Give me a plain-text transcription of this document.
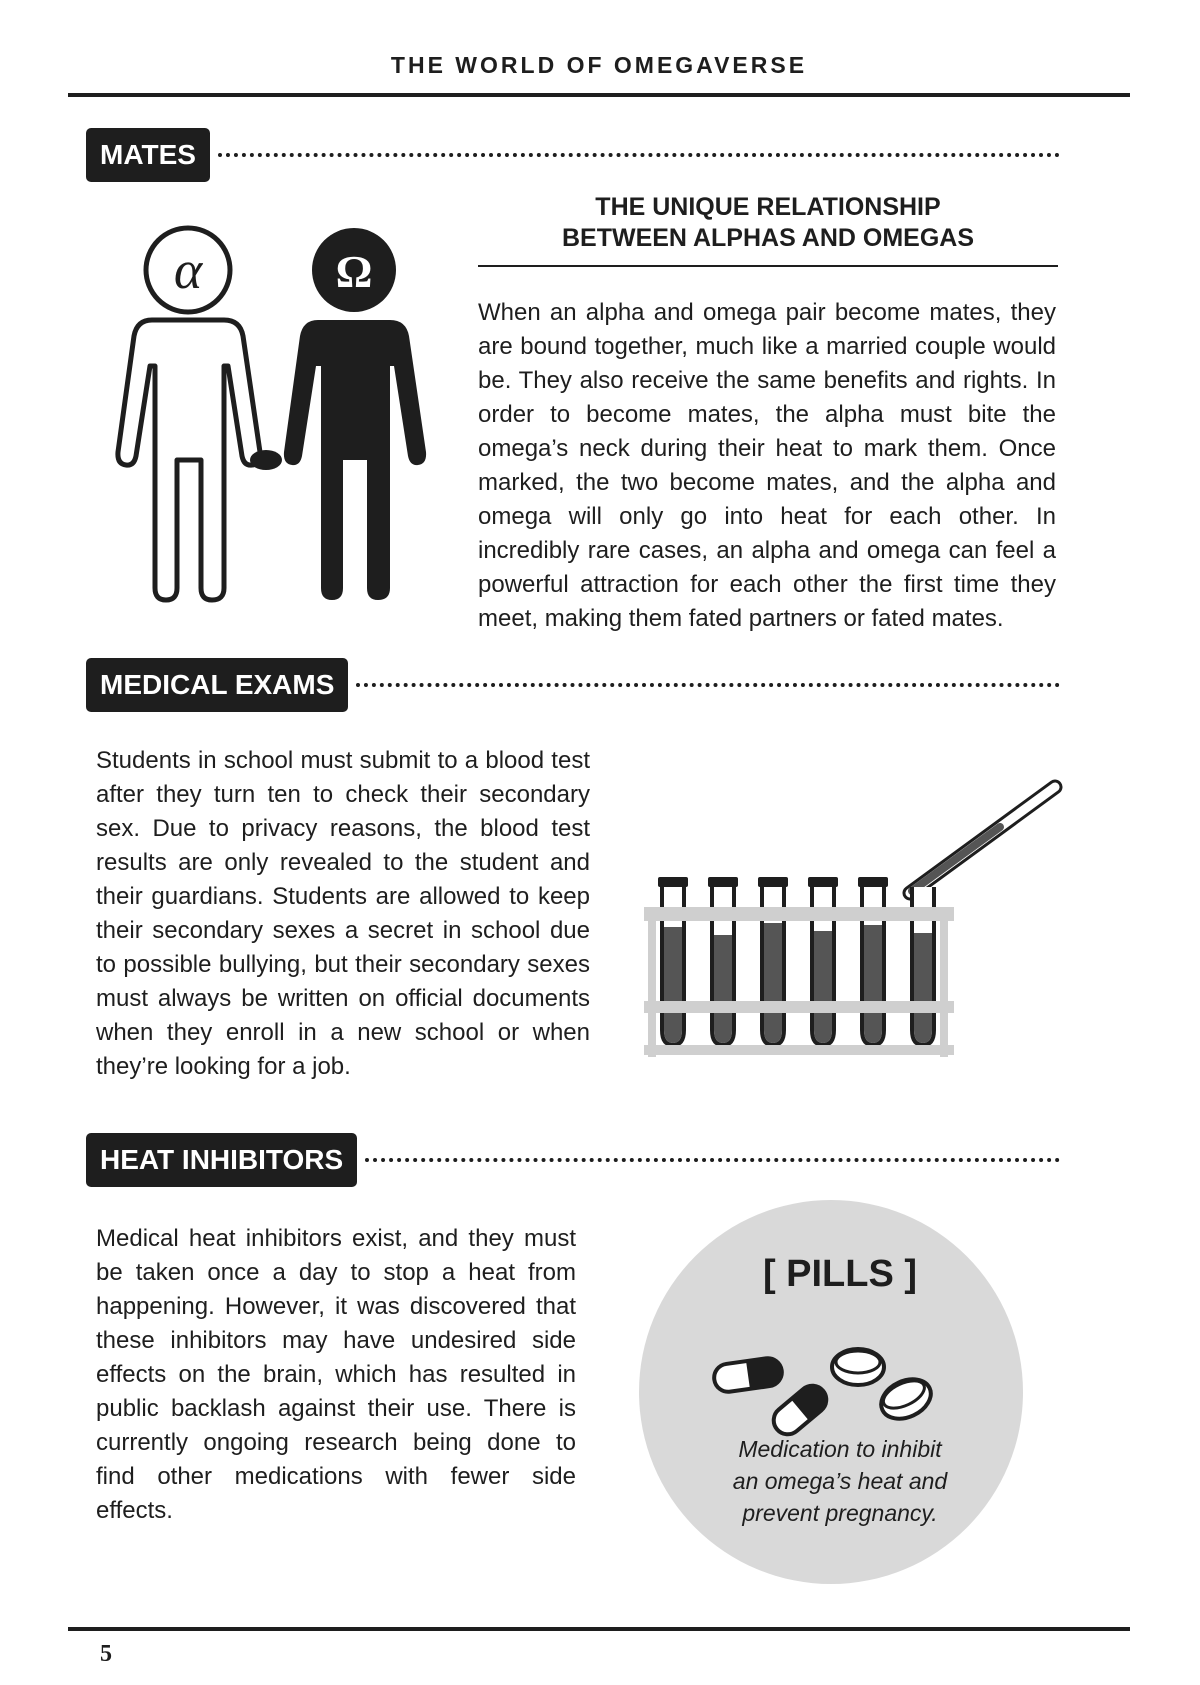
THE WORLD OF OMEGAVERSE
MATES
THE UNIQUE RELATIONSHIP
BETWEEN ALPHAS AND OMEGAS
α	Ω
When an alpha and omega pair become mates, they are bound together, much like a married couple would be. They also receive the same benefits and rights. In order to become mates, the alpha must bite the omega’s neck during their heat to mark them. Once marked, the two become mates, and the alpha and omega will only go into heat for each other. In incredibly rare cases, an alpha and omega can feel a powerful attraction for each other the first time they meet, making them fated partners or fated mates.
MEDICAL EXAMS
Students in school must submit to a blood test after they turn ten to check their secondary sex. Due to privacy reasons, the blood test results are only revealed to the student and their guardians. Students are allowed to keep their secondary sexes a secret in school due to possible bullying, but their secondary sexes must always be written on official documents when they enroll in a new school or when they’re looking for a job.
HEAT INHIBITORS
Medical heat inhibitors exist, and they must be taken once a day to stop a heat from happening. However, it was discovered that these inhibitors may have undesired side effects on the brain, which has resulted in public backlash against their use. There is currently ongoing research being done to find other medications with fewer side effects.
[ PILLS ]
Medication to inhibit
an omega’s heat and
prevent pregnancy.
5
